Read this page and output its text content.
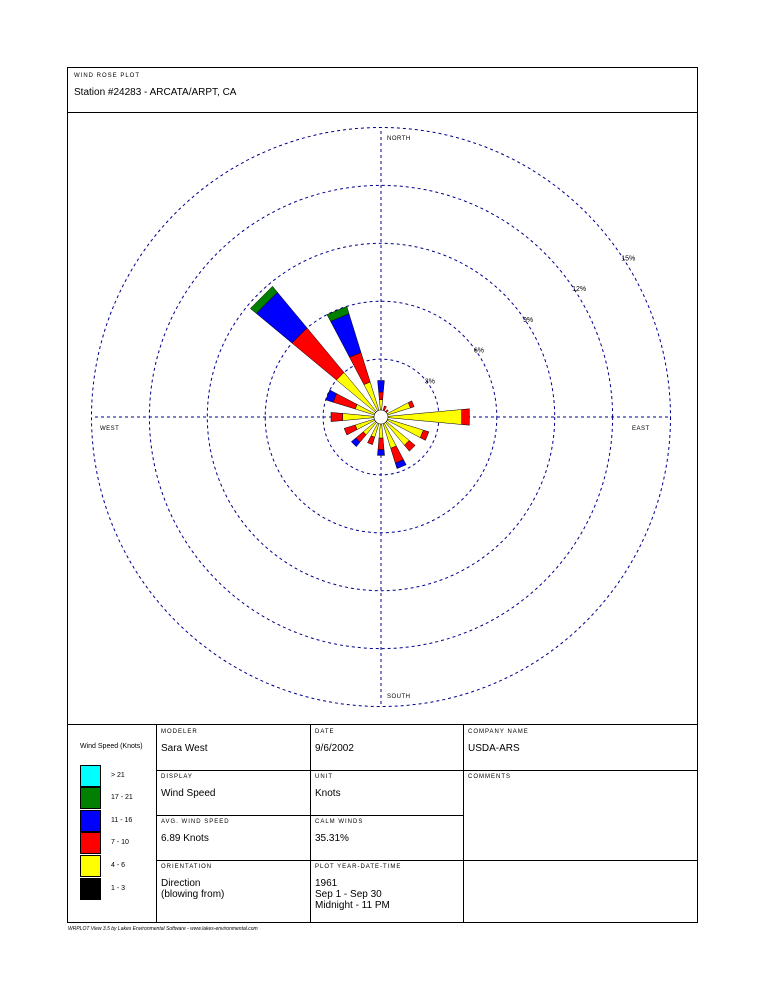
WIND ROSE PLOT
Station #24283 - ARCATA/ARPT, CA
NORTH
SOUTH
EAST
WEST
3%
6%
9%
12%
15%
Wind Speed (Knots)
> 21
17 - 21
11 - 16
7 - 10
4 - 6
1 - 3
MODELER
Sara West
DATE
9/6/2002
COMPANY NAME
USDA-ARS
DISPLAY
Wind Speed
UNIT
Knots
COMMENTS
AVG. WIND SPEED
6.89 Knots
CALM WINDS
35.31%
ORIENTATION
Direction
(blowing from)
PLOT YEAR-DATE-TIME
1961
Sep 1 - Sep 30
Midnight - 11 PM
WRPLOT View 3.5 by Lakes Environmental Software - www.lakes-environmental.com
